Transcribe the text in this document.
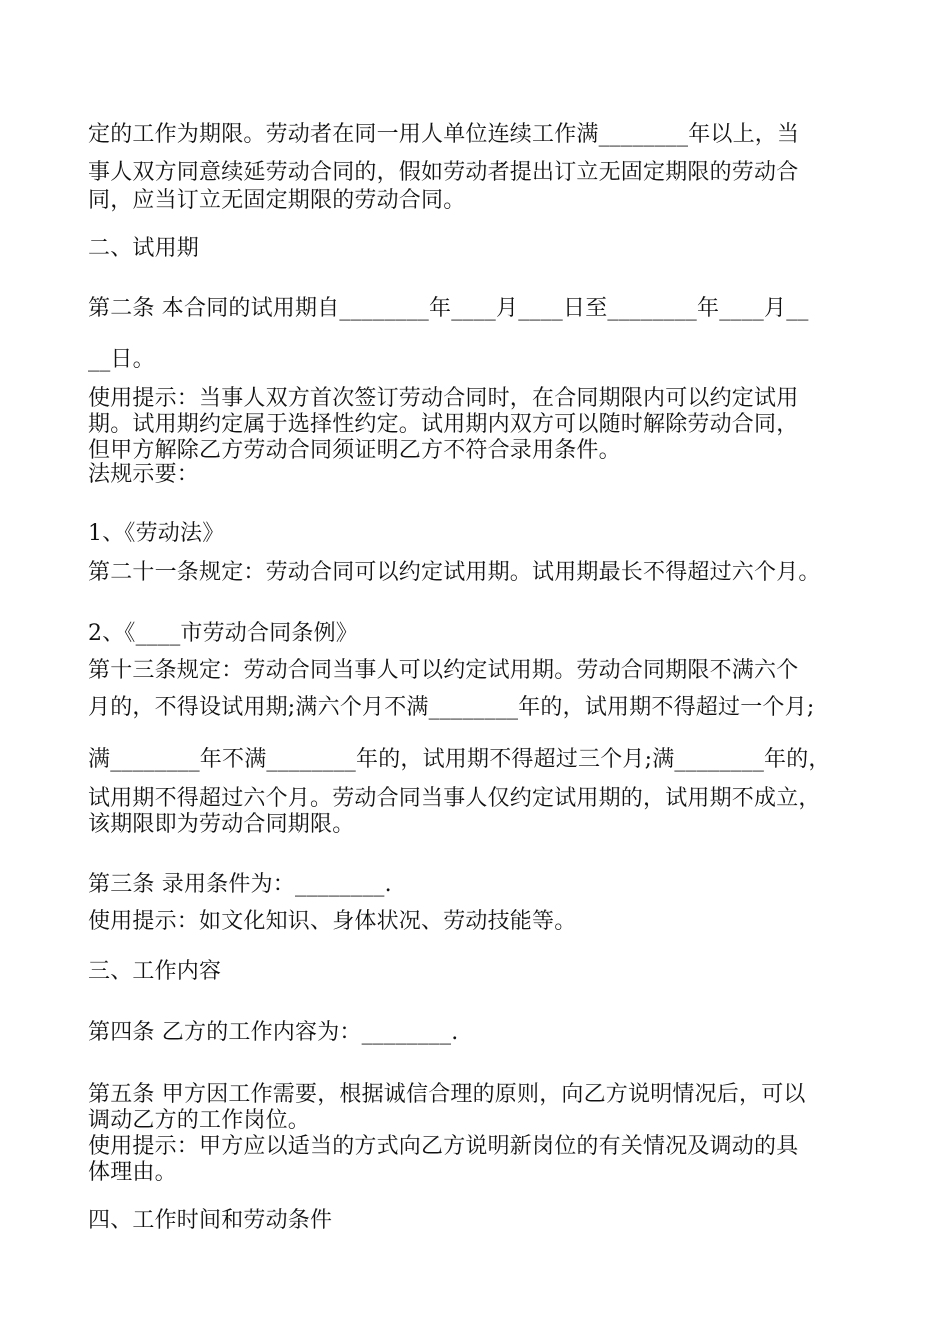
定的工作为期限。劳动者在同一用人单位连续工作满________年以上，当

事人双方同意续延劳动合同的，假如劳动者提出订立无固定期限的劳动合

同，应当订立无固定期限的劳动合同。

二、试用期

第二条 本合同的试用期自________年____月____日至________年____月__

__日。

使用提示：当事人双方首次签订劳动合同时，在合同期限内可以约定试用

期。试用期约定属于选择性约定。试用期内双方可以随时解除劳动合同，

但甲方解除乙方劳动合同须证明乙方不符合录用条件。

法规示要：

1、《劳动法》

第二十一条规定：劳动合同可以约定试用期。试用期最长不得超过六个月。

2、《____市劳动合同条例》

第十三条规定：劳动合同当事人可以约定试用期。劳动合同期限不满六个

月的，不得设试用期;满六个月不满________年的，试用期不得超过一个月;

满________年不满________年的，试用期不得超过三个月;满________年的，

试用期不得超过六个月。劳动合同当事人仅约定试用期的，试用期不成立，

该期限即为劳动合同期限。

第三条 录用条件为：________.

使用提示：如文化知识、身体状况、劳动技能等。

三、工作内容

第四条 乙方的工作内容为：________.

第五条 甲方因工作需要，根据诚信合理的原则，向乙方说明情况后，可以

调动乙方的工作岗位。

使用提示：甲方应以适当的方式向乙方说明新岗位的有关情况及调动的具

体理由。

四、工作时间和劳动条件
